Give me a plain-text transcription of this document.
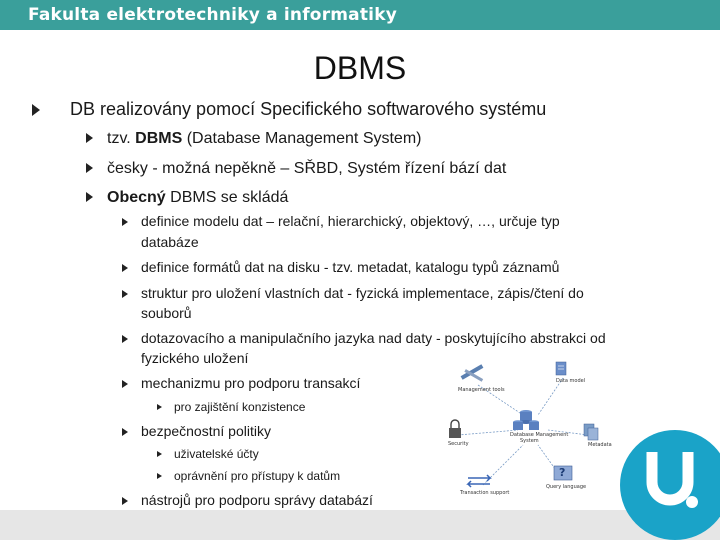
Fakulta elektrotechniky a informatiky
DBMS
DB realizovány pomocí Specifického softwarového systému
tzv. DBMS (Database Management System)
česky - možná nepěkně – SŘBD, Systém řízení bází dat
Obecný DBMS se skládá
definice modelu dat – relační, hierarchický, objektový, …, určuje typ
databáze
definice formátů dat na disku - tzv. metadat, katalogu typů záznamů
struktur pro uložení vlastních dat - fyzická implementace, zápis/čtení do
souborů
dotazovacího a manipulačního jazyka nad daty - poskytujícího abstrakci od
fyzického uložení
mechanizmu pro podporu transakcí
pro zajištění konzistence
bezpečnostní politiky
uživatelské účty
oprávnění pro přístupy k datům
nástrojů pro podporu správy databází
Management tools
Data model
Database Management
System
Security	Metadata
Transaction support
Query language
?
